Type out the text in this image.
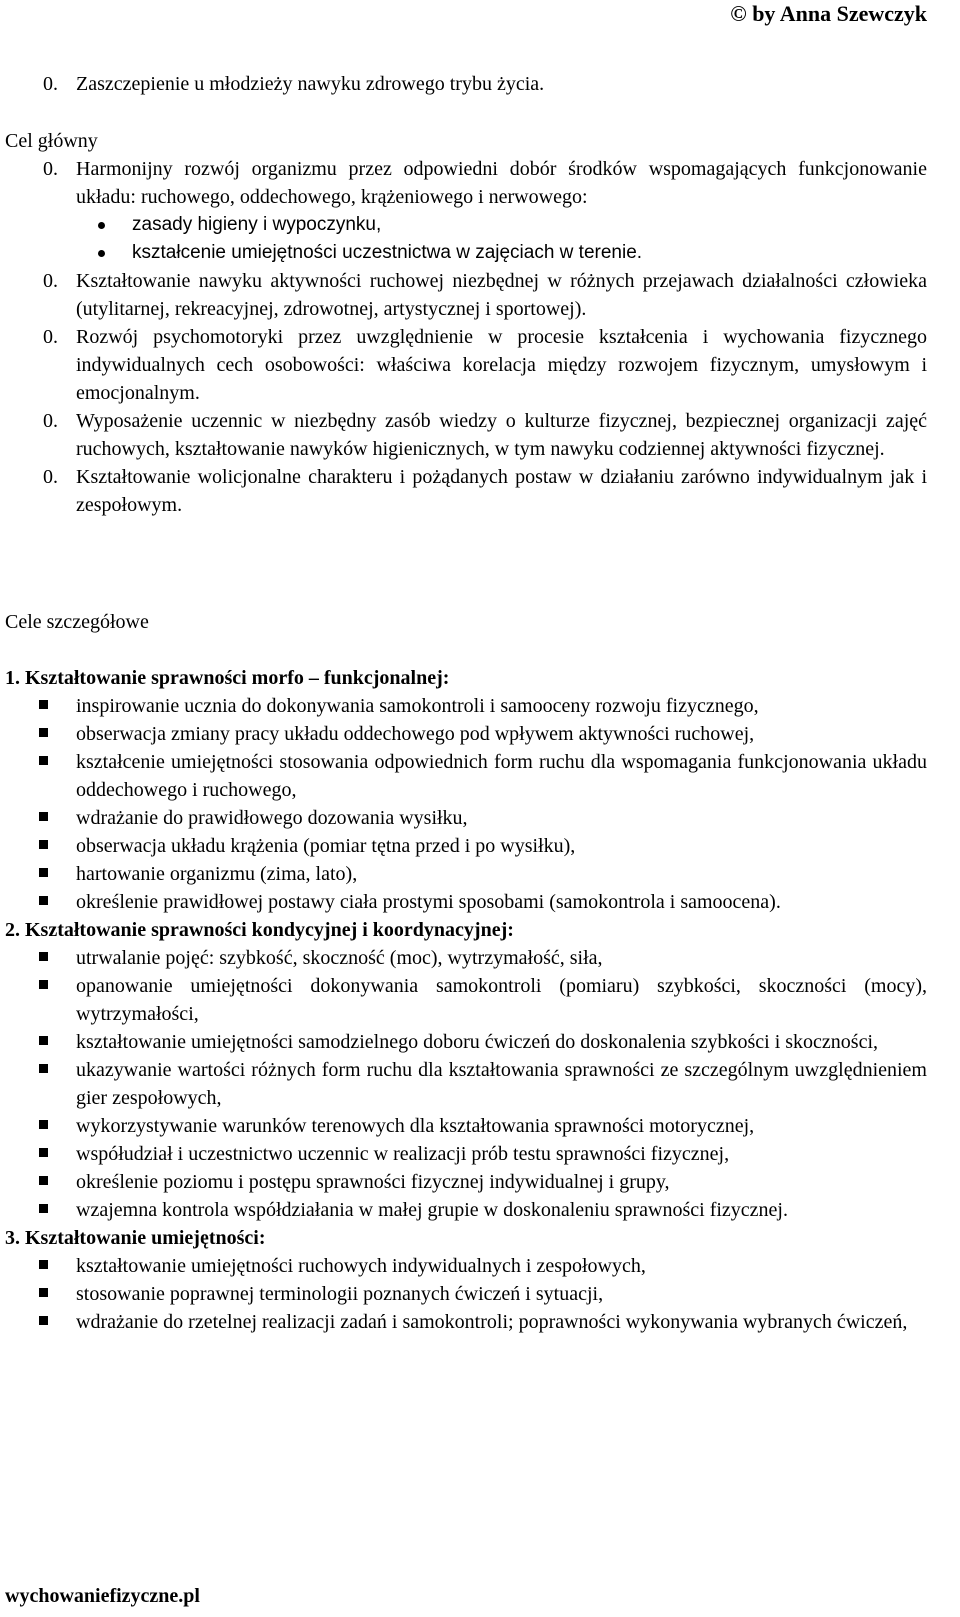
© by Anna Szewczyk
0. Zaszczepienie u młodzieży nawyku zdrowego trybu życia.

Cel główny

0. Harmonijny rozwój organizmu przez odpowiedni dobór środków wspomagających funkcjonowanie układu: ruchowego, oddechowego, krążeniowego i nerwowego:
zasady higieny i wypoczynku,
kształcenie umiejętności uczestnictwa w zajęciach w terenie.
0. Kształtowanie nawyku aktywności ruchowej niezbędnej w różnych przejawach działalności człowieka (utylitarnej, rekreacyjnej, zdrowotnej, artystycznej i sportowej).
0. Rozwój psychomotoryki przez uwzględnienie w procesie kształcenia i wychowania fizycznego indywidualnych cech osobowości: właściwa korelacja między rozwojem fizycznym, umysłowym i emocjonalnym.
0. Wyposażenie uczennic w niezbędny zasób wiedzy o kulturze fizycznej, bezpiecznej organizacji zajęć ruchowych, kształtowanie nawyków higienicznych, w tym nawyku codziennej aktywności fizycznej.
0. Kształtowanie wolicjonalne charakteru i pożądanych postaw w działaniu zarówno indywidualnym jak i zespołowym.

Cele szczegółowe

1. Kształtowanie sprawności morfo – funkcjonalnej:

inspirowanie ucznia do dokonywania samokontroli i samooceny rozwoju fizycznego,
obserwacja zmiany pracy układu oddechowego pod wpływem aktywności ruchowej,
kształcenie umiejętności stosowania odpowiednich form ruchu dla wspomagania funkcjonowania układu oddechowego i ruchowego,
wdrażanie do prawidłowego dozowania wysiłku,
obserwacja układu krążenia (pomiar tętna przed i po wysiłku),
hartowanie organizmu (zima, lato),
określenie prawidłowej postawy ciała prostymi sposobami (samokontrola i samoocena).

2. Kształtowanie sprawności kondycyjnej i koordynacyjnej:

utrwalanie pojęć: szybkość, skoczność (moc), wytrzymałość, siła,
opanowanie umiejętności dokonywania samokontroli (pomiaru) szybkości, skoczności (mocy), wytrzymałości,
kształtowanie umiejętności samodzielnego doboru ćwiczeń do doskonalenia szybkości i skoczności,
ukazywanie wartości różnych form ruchu dla kształtowania sprawności ze szczególnym uwzględnieniem gier zespołowych,
wykorzystywanie warunków terenowych dla kształtowania sprawności motorycznej,
współudział i uczestnictwo uczennic w realizacji prób testu sprawności fizycznej,
określenie poziomu i postępu sprawności fizycznej indywidualnej i grupy,
wzajemna kontrola współdziałania w małej grupie w doskonaleniu sprawności fizycznej.

3. Kształtowanie umiejętności:

kształtowanie umiejętności ruchowych indywidualnych i zespołowych,
stosowanie poprawnej terminologii poznanych ćwiczeń i sytuacji,
wdrażanie do rzetelnej realizacji zadań i samokontroli; poprawności wykonywania wybranych ćwiczeń,
wychowaniefizyczne.pl
